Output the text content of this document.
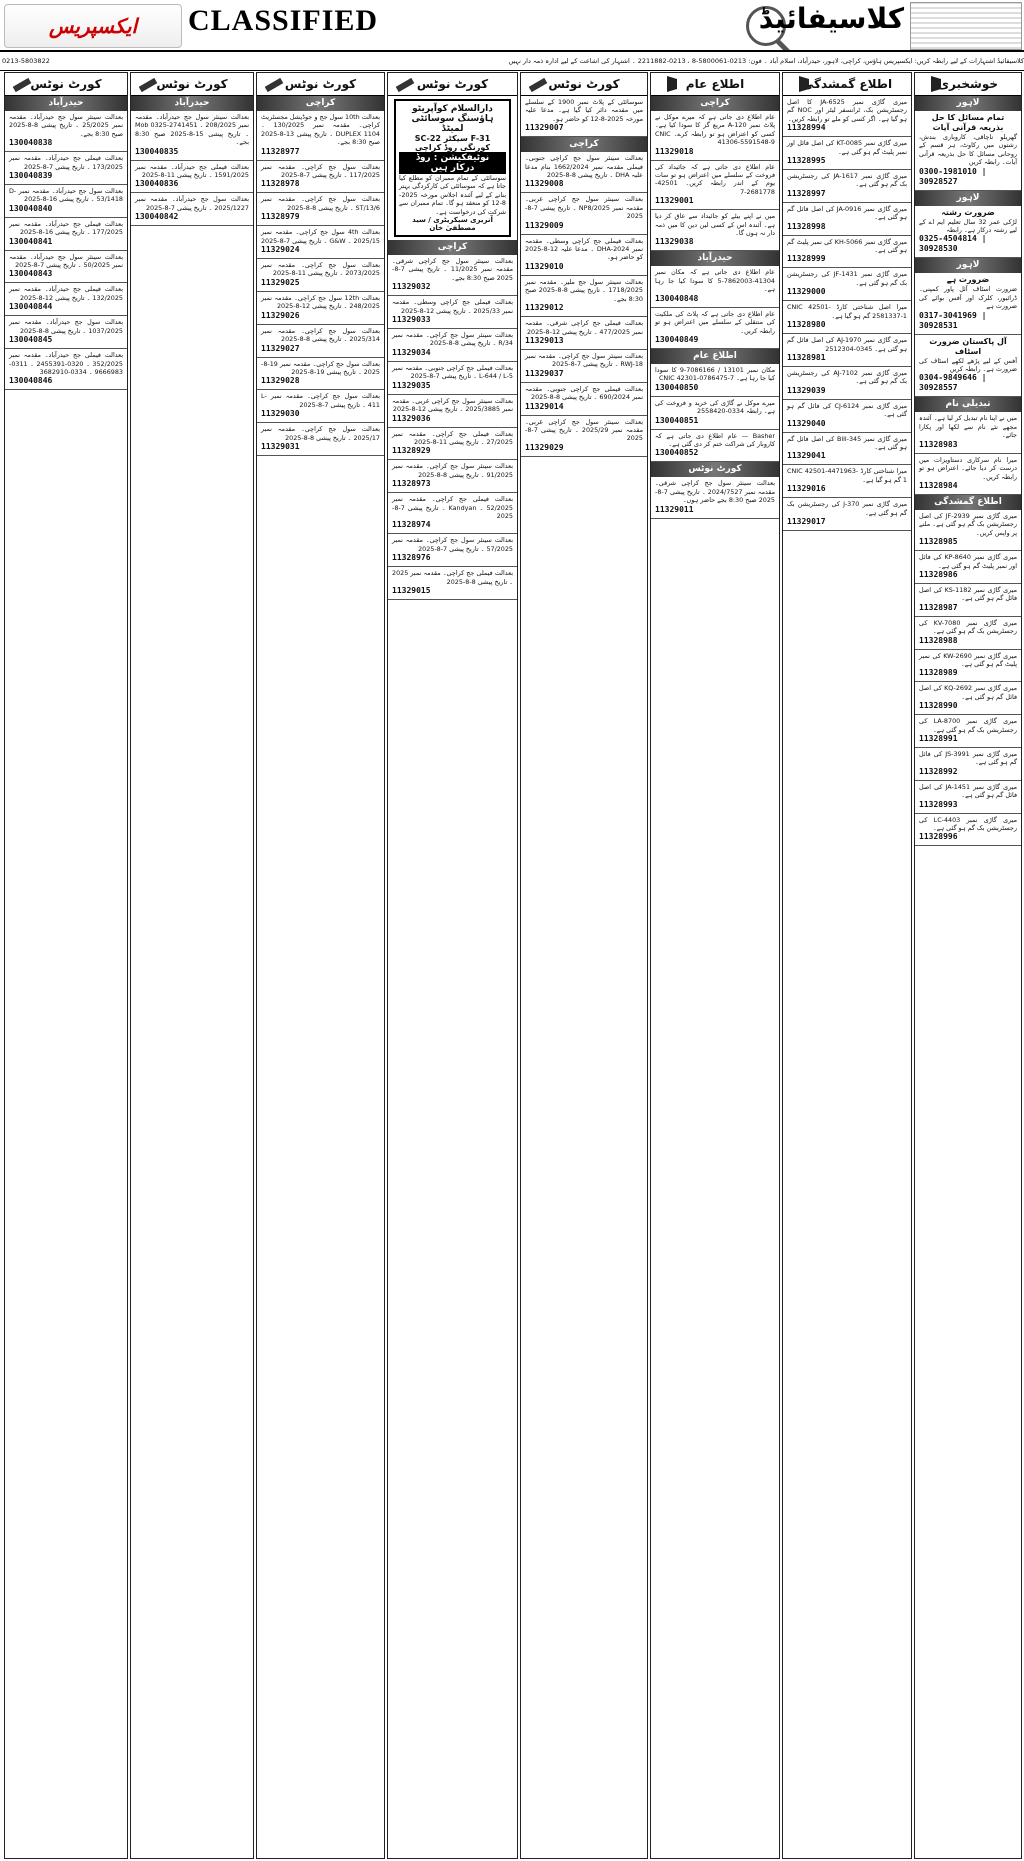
ایکسپریس CLASSIFIED	کلاسیفائیڈ
0213-5803822	کلاسیفائیڈ اشتہارات کے لیے رابطہ کریں: ایکسپریس ہاؤس، کراچی، لاہور، حیدرآباد، اسلام آباد ۔ فون: 0213-5800061-8 ، 0213-2211882 ۔ اشتہار کی اشاعت کے لیے ادارہ ذمہ دار نہیں
خوشخبری
لاہور
تمام مسائل کا حل بذریعہ قرآنی آیات
گھریلو ناچاقی، کاروباری بندش، رشتوں میں رکاوٹ، ہر قسم کے روحانی مسائل کا حل بذریعہ قرآنی آیات۔ رابطہ کریں
0300-1981010 | 30928527
لاہور
ضرورت رشتہ
لڑکی عمر 32 سال تعلیم ایم اے کے لیے رشتہ درکار ہے۔ رابطہ
0325-4504814 | 30928530
لاہور
ضرورت ہے
ضرورت اسٹاف آئل پاور کمپنی۔ ڈرائیور، کلرک اور آفس بوائے کی ضرورت ہے
0317-3041969 | 30928531
آل پاکستان ضرورت اسٹاف
آفس کے لیے پڑھے لکھے اسٹاف کی ضرورت ہے۔ رابطہ کریں
0304-9849646 | 30928557
تبدیلی نام
میں نے اپنا نام تبدیل کر لیا ہے۔ آئندہ مجھے نئے نام سے لکھا اور پکارا جائے۔
11328983
میرا نام سرکاری دستاویزات میں درست کر دیا جائے۔ اعتراض ہو تو رابطہ کریں۔
11328984
اطلاع گمشدگی
میری گاڑی نمبر JF-2939 کی اصل رجسٹریشن بک گم ہو گئی ہے۔ ملنے پر واپس کریں۔
11328985
میری گاڑی نمبر KP-8640 کی فائل اور نمبر پلیٹ گم ہو گئی ہے۔
11328986
میری گاڑی نمبر KS-1182 کی اصل فائل گم ہو گئی ہے۔
11328987
میری گاڑی نمبر KV-7080 کی رجسٹریشن بک گم ہو گئی ہے۔
11328988
میری گاڑی نمبر KW-2690 کی نمبر پلیٹ گم ہو گئی ہے۔
11328989
میری گاڑی نمبر KQ-2692 کی اصل فائل گم ہو گئی ہے۔
11328990
میری گاڑی نمبر LA-8700 کی رجسٹریشن بک گم ہو گئی ہے۔
11328991
میری گاڑی نمبر JS-3991 کی فائل گم ہو گئی ہے۔
11328992
میری گاڑی نمبر JA-1451 کی اصل فائل گم ہو گئی ہے۔
11328993
میری گاڑی نمبر LC-4403 کی رجسٹریشن بک گم ہو گئی ہے۔
11328996
اطلاع گمشدگی
میری گاڑی نمبر JA-6525 کا اصل رجسٹریشن بک، ٹرانسفر لیٹر اور NOC گم ہو گیا ہے۔ اگر کسی کو ملے تو رابطہ کریں۔
11328994
میری گاڑی نمبر KT-0085 کی اصل فائل اور نمبر پلیٹ گم ہو گئی ہے۔
11328995
میری گاڑی نمبر JA-1617 کی رجسٹریشن بک گم ہو گئی ہے۔
11328997
میری گاڑی نمبر JA-0916 کی اصل فائل گم ہو گئی ہے۔
11328998
میری گاڑی نمبر KH-5066 کی نمبر پلیٹ گم ہو گئی ہے۔
11328999
میری گاڑی نمبر JF-1431 کی رجسٹریشن بک گم ہو گئی ہے۔
11329000
میرا اصل شناختی کارڈ CNIC 42501-2581337-1 گم ہو گیا ہے۔
11328980
میری گاڑی نمبر AJ-1970 کی اصل فائل گم ہو گئی ہے۔ 0345-2512304
11328981
میری گاڑی نمبر AJ-7102 کی رجسٹریشن بک گم ہو گئی ہے۔
11329039
میری گاڑی نمبر CJ-6124 کی فائل گم ہو گئی ہے۔
11329040
میری گاڑی نمبر Bill-345 کی اصل فائل گم ہو گئی ہے۔
11329041
میرا شناختی کارڈ CNIC 42501-4471963-1 گم ہو گیا ہے۔
11329016
میری گاڑی نمبر J-370 کی رجسٹریشن بک گم ہو گئی ہے۔
11329017
اطلاع عام
کراچی
عام اطلاع دی جاتی ہے کہ میرے موکل نے پلاٹ نمبر A-120 مربع گز کا سودا کیا ہے۔ کسی کو اعتراض ہو تو رابطہ کرے۔ CNIC 41306-5591548-9
11329018
عام اطلاع دی جاتی ہے کہ جائیداد کی فروخت کے سلسلے میں اعتراض ہو تو سات یوم کے اندر رابطہ کریں۔ 42501-2681778-7
11329001
میں نے اپنے بیٹے کو جائیداد سے عاق کر دیا ہے۔ آئندہ اس کے کسی لین دین کا میں ذمہ دار نہ ہوں گا۔
11329038
حیدرآباد
عام اطلاع دی جاتی ہے کہ مکان نمبر 41304-7862003-5 کا سودا کیا جا رہا ہے۔
130040848
عام اطلاع دی جاتی ہے کہ پلاٹ کی ملکیت کی منتقلی کے سلسلے میں اعتراض ہو تو رابطہ کریں۔
130040849
اطلاع عام
مکان نمبر 13101 / 7086166-9 کا سودا کیا جا رہا ہے۔ CNIC 42301-0786475-7
130040850
میرے موکل نے گاڑی کی خرید و فروخت کی ہے۔ رابطہ 0334-2558420
130040851
Basher — عام اطلاع دی جاتی ہے کہ کاروبار کی شراکت ختم کر دی گئی ہے۔
130040852
کورٹ نوٹس
بعدالت سینئر سول جج کراچی شرقی۔ مقدمہ نمبر 2024/7527 ۔ تاریخ پیشی 7-8-2025 صبح 8:30 بجے حاضر ہوں۔
11329011
کورٹ نوٹس
سوسائٹی کے پلاٹ نمبر 1900 کے سلسلے میں مقدمہ دائر کیا گیا ہے۔ مدعا علیہ مورخہ 2025-8-12 کو حاضر ہو۔
11329007
کراچی
بعدالت سینئر سول جج کراچی جنوبی۔ فیملی مقدمہ نمبر 1662/2024 بنام مدعا علیہ DHA ۔ تاریخ پیشی 8-8-2025
11329008
بعدالت سینئر سول جج کراچی غربی۔ مقدمہ نمبر NP8/2025 ۔ تاریخ پیشی 7-8-2025
11329009
بعدالت فیملی جج کراچی وسطی۔ مقدمہ نمبر DHA-2024 ۔ مدعا علیہ 12-8-2025 کو حاضر ہو۔
11329010
بعدالت سینئر سول جج ملیر۔ مقدمہ نمبر 1718/2025 ۔ تاریخ پیشی 8-8-2025 صبح 8:30 بجے۔
11329012
بعدالت فیملی جج کراچی شرقی۔ مقدمہ نمبر 477/2025 ۔ تاریخ پیشی 12-8-2025
11329013
بعدالت سینئر سول جج کراچی۔ مقدمہ نمبر RWJ-18 ۔ تاریخ پیشی 7-8-2025
11329037
بعدالت فیملی جج کراچی جنوبی۔ مقدمہ نمبر 690/2024 ۔ تاریخ پیشی 8-8-2025
11329014
بعدالت سینئر سول جج کراچی غربی۔ مقدمہ نمبر 2025/29 ۔ تاریخ پیشی 7-8-2025
11329029
کورٹ نوٹس
دارالسلام کوآپریٹو ہاؤسنگ سوسائٹی لمیٹڈ
SC-22 سیکٹر F-31 کورنگی روڈ کراچی
نوٹیفکیشن : روڈ درکار ہیں
سوسائٹی کے تمام ممبران کو مطلع کیا جاتا ہے کہ سوسائٹی کی کارکردگی بہتر بنانے کے لیے آئندہ اجلاس مورخہ 2025-8-12 کو منعقد ہو گا۔ تمام ممبران سے شرکت کی درخواست ہے۔
آنریری سیکریٹری / سید مصطفیٰ خان
کراچی
بعدالت سینئر سول جج کراچی شرقی۔ مقدمہ نمبر 11/2025 ۔ تاریخ پیشی 7-8-2025 صبح 8:30 بجے۔
11329032
بعدالت فیملی جج کراچی وسطی۔ مقدمہ نمبر 2025/33 ۔ تاریخ پیشی 12-8-2025
11329033
بعدالت سینئر سول جج کراچی۔ مقدمہ نمبر R/34 ۔ تاریخ پیشی 8-8-2025
11329034
بعدالت فیملی جج کراچی جنوبی۔ مقدمہ نمبر L-644 / L-5 ۔ تاریخ پیشی 7-8-2025
11329035
بعدالت سینئر سول جج کراچی غربی۔ مقدمہ نمبر 2025/3885 ۔ تاریخ پیشی 12-8-2025
11329036
بعدالت فیملی جج کراچی۔ مقدمہ نمبر 27/2025 ۔ تاریخ پیشی 11-8-2025
11328929
بعدالت سینئر سول جج کراچی۔ مقدمہ نمبر 91/2025 ۔ تاریخ پیشی 8-8-2025
11328973
بعدالت فیملی جج کراچی۔ مقدمہ نمبر 52/2025 ۔ Kandyan ۔ تاریخ پیشی 7-8-2025
11328974
بعدالت سینئر سول جج کراچی۔ مقدمہ نمبر 57/2025 ۔ تاریخ پیشی 7-8-2025
11328976
بعدالت فیملی جج کراچی۔ مقدمہ نمبر 2025 ۔ تاریخ پیشی 8-8-2025
11329015
کورٹ نوٹس
کراچی
بعدالت 10th سول جج و جوڈیشل مجسٹریٹ کراچی۔ مقدمہ نمبر 130/2025 ۔ DUPLEX 1104 ۔ تاریخ پیشی 13-8-2025 صبح 8:30 بجے۔
11328977
بعدالت سول جج کراچی۔ مقدمہ نمبر 117/2025 ۔ تاریخ پیشی 7-8-2025
11328978
بعدالت سول جج کراچی۔ مقدمہ نمبر ST/13/6 ۔ تاریخ پیشی 8-8-2025
11328979
بعدالت 4th سول جج کراچی۔ مقدمہ نمبر 2025/15 ۔ G&W ۔ تاریخ پیشی 7-8-2025
11329024
بعدالت سول جج کراچی۔ مقدمہ نمبر 2073/2025 ۔ تاریخ پیشی 11-8-2025
11329025
بعدالت 12th سول جج کراچی۔ مقدمہ نمبر 248/2025 ۔ تاریخ پیشی 12-8-2025
11329026
بعدالت سول جج کراچی۔ مقدمہ نمبر 2025/314 ۔ تاریخ پیشی 8-8-2025
11329027
بعدالت سول جج کراچی۔ مقدمہ نمبر 19-8-2025 ۔ تاریخ پیشی 19-8-2025
11329028
بعدالت سول جج کراچی۔ مقدمہ نمبر L-411 ۔ تاریخ پیشی 7-8-2025
11329030
بعدالت سول جج کراچی۔ مقدمہ نمبر 2025/17 ۔ تاریخ پیشی 8-8-2025
11329031
کورٹ نوٹس
حیدرآباد
بعدالت سینئر سول جج حیدرآباد۔ مقدمہ نمبر 208/2025 ۔ Mob 0325-2741451 ۔ تاریخ پیشی 15-8-2025 صبح 8:30 بجے۔
130040835
بعدالت فیملی جج حیدرآباد۔ مقدمہ نمبر 1591/2025 ۔ تاریخ پیشی 11-8-2025
130040836
بعدالت سول جج حیدرآباد۔ مقدمہ نمبر 2025/1227 ۔ تاریخ پیشی 7-8-2025
130040842
کورٹ نوٹس
حیدرآباد
بعدالت سینئر سول جج حیدرآباد۔ مقدمہ نمبر 25/2025 ۔ تاریخ پیشی 8-8-2025 صبح 8:30 بجے۔
130040838
بعدالت فیملی جج حیدرآباد۔ مقدمہ نمبر 173/2025 ۔ تاریخ پیشی 7-8-2025
130040839
بعدالت سول جج حیدرآباد۔ مقدمہ نمبر D-53/1418 ۔ تاریخ پیشی 16-8-2025
130040840
بعدالت فیملی جج حیدرآباد۔ مقدمہ نمبر 177/2025 ۔ تاریخ پیشی 16-8-2025
130040841
بعدالت سینئر سول جج حیدرآباد۔ مقدمہ نمبر 50/2025 ۔ تاریخ پیشی 7-8-2025
130040843
بعدالت فیملی جج حیدرآباد۔ مقدمہ نمبر 132/2025 ۔ تاریخ پیشی 12-8-2025
130040844
بعدالت سول جج حیدرآباد۔ مقدمہ نمبر 1037/2025 ۔ تاریخ پیشی 8-8-2025
130040845
بعدالت فیملی جج حیدرآباد۔ مقدمہ نمبر 352/2025 ۔ 0320-2455391 ۔ 0311-9666983 ۔ 0334-3682910
130040846
